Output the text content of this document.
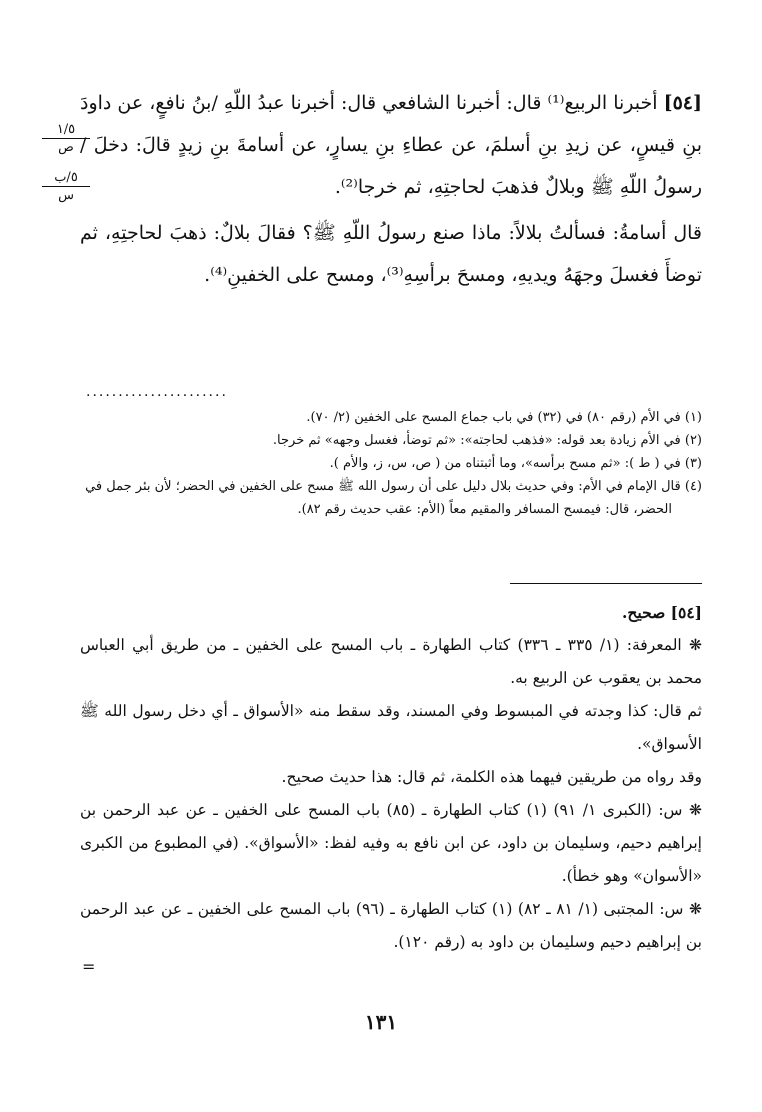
[٥٤] أخبرنا الربيع⁽¹⁾ قال: أخبرنا الشافعي قال: أخبرنا عبدُ اللّهِ /بنُ نافعٍ، عن داودَ بنِ قيسٍ، عن زيدِ بنِ أسلمَ، عن عطاءِ بنِ يسارٍ، عن أسامةَ بنِ زيدٍ قالَ: دخلَ /رسولُ اللّهِ ﷺ وبلالٌ فذهبَ لحاجتِهِ، ثم خرجا⁽²⁾.

قال أسامةُ: فسألتُ بلالاً: ماذا صنع رسولُ اللّهِ ﷺ؟ فقالَ بلالٌ: ذهبَ لحاجتِهِ، ثم توضأَ فغسلَ وجهَهُ ويديهِ، ومسحَ برأسِهِ⁽³⁾، ومسح على الخفينِ⁽⁴⁾.

١/٥
ص
٥/ب
س
......................
(١) في الأم (رقم ٨٠) في (٣٢) في باب جماع المسح على الخفين (٢/ ٧٠).
(٢) في الأم زيادة بعد قوله: «فذهب لحاجته»: «ثم توضأ، فغسل وجهه» ثم خرجا.
(٣) في ( ط ): «ثم مسح برأسه»، وما أثبتناه من ( ص، س، ز، والأم ).
(٤) قال الإمام في الأم: وفي حديث بلال دليل على أن رسول الله ﷺ مسح على الخفين في الحضر؛ لأن بئر جمل في الحضر، قال: فيمسح المسافر والمقيم معاً (الأم: عقب حديث رقم ٨٢).

[٥٤] صحيح.

❋ المعرفة: (١/ ٣٣٥ ـ ٣٣٦) كتاب الطهارة ـ باب المسح على الخفين ـ من طريق أبي العباس محمد بن يعقوب عن الربيع به.

ثم قال: كذا وجدته في المبسوط وفي المسند، وقد سقط منه «الأسواق ـ أي دخل رسول الله ﷺ الأسواق».

وقد رواه من طريقين فيهما هذه الكلمة، ثم قال: هذا حديث صحيح.

❋ س: (الكبرى ١/ ٩١) (١) كتاب الطهارة ـ (٨٥) باب المسح على الخفين ـ عن عبد الرحمن بن إبراهيم دحيم، وسليمان بن داود، عن ابن نافع به وفيه لفظ: «الأسواق». (في المطبوع من الكبرى «الأسوان» وهو خطأ).

❋ س: المجتبى (١/ ٨١ ـ ٨٢) (١) كتاب الطهارة ـ (٩٦) باب المسح على الخفين ـ عن عبد الرحمن بن إبراهيم دحيم وسليمان بن داود به (رقم ١٢٠).

=
١٣١
